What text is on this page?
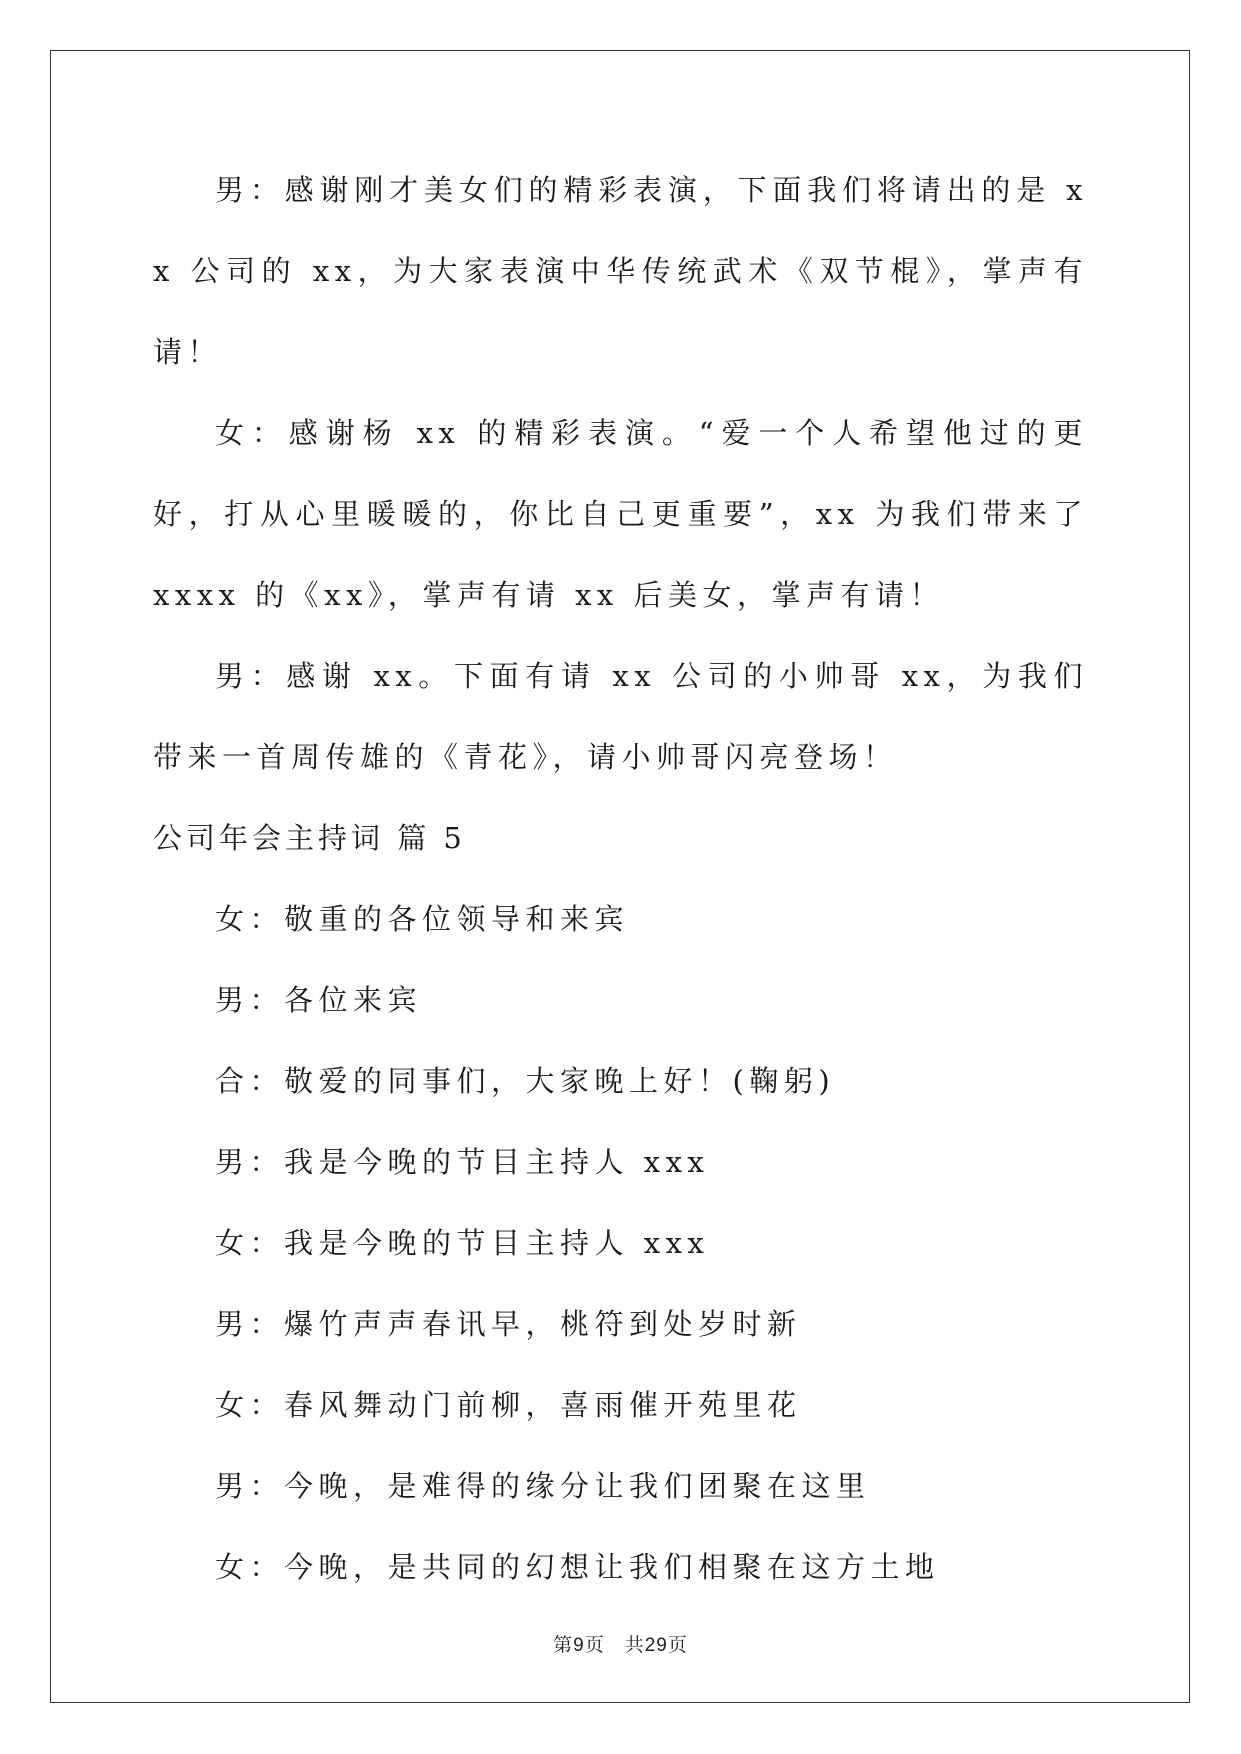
男：感谢刚才美女们的精彩表演，下面我们将请出的是 xx 公司的 xx，为大家表演中华传统武术《双节棍》，掌声有请！

女：感谢杨 xx 的精彩表演。“爱一个人希望他过的更好，打从心里暖暖的，你比自己更重要”，xx 为我们带来了 xxxx 的《xx》，掌声有请 xx 后美女，掌声有请！

男：感谢 xx。下面有请 xx 公司的小帅哥 xx，为我们带来一首周传雄的《青花》，请小帅哥闪亮登场！

公司年会主持词 篇 5

女：敬重的各位领导和来宾

男：各位来宾

合：敬爱的同事们，大家晚上好！(鞠躬)

男：我是今晚的节目主持人 xxx

女：我是今晚的节目主持人 xxx

男：爆竹声声春讯早，桃符到处岁时新

女：春风舞动门前柳，喜雨催开苑里花

男：今晚，是难得的缘分让我们团聚在这里

女：今晚，是共同的幻想让我们相聚在这方土地

第9页 共29页
